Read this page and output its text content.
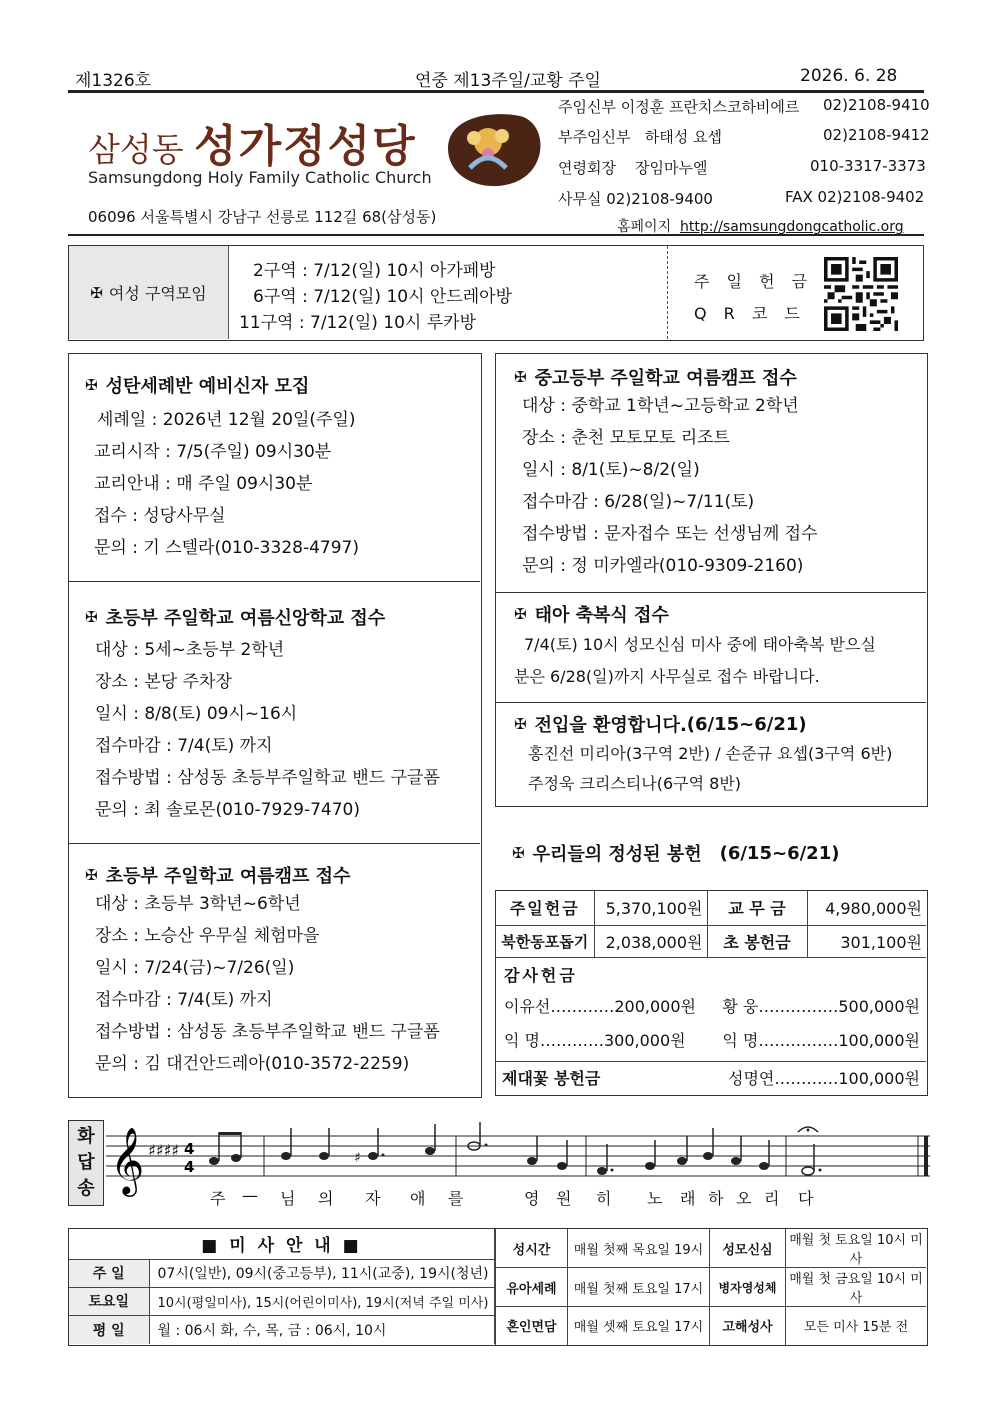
제1326호	연중 제13주일/교황 주일	2026. 6. 28
삼성동 성가정성당
Samsungdong Holy Family Catholic Church
주임신부 이정훈 프란치스코하비에르 02)2108-9410
부주임신부 하태성 요셉	02)2108-9412
연령회장 장임마누엘	010-3317-3373
사무실 02)2108-9400	FAX 02)2108-9402
홈페이지 http://samsungdongcatholic.org
06096 서울특별시 강남구 선릉로 112길 68(삼성동)
✠ 여성 구역모임
2구역 : 7/12(일) 10시 아가페방
6구역 : 7/12(일) 10시 안드레아방
11구역 : 7/12(일) 10시 루카방
주 일 헌 금
Q R 코 드
✠ 성탄세례반 예비신자 모집
세례일 : 2026년 12월 20일(주일)
교리시작 : 7/5(주일) 09시30분
교리안내 : 매 주일 09시30분
접수 : 성당사무실
문의 : 기 스텔라(010-3328-4797)
✠ 초등부 주일학교 여름신앙학교 접수
대상 : 5세~초등부 2학년
장소 : 본당 주차장
일시 : 8/8(토) 09시~16시
접수마감 : 7/4(토) 까지
접수방법 : 삼성동 초등부주일학교 밴드 구글폼
문의 : 최 솔로몬(010-7929-7470)
✠ 초등부 주일학교 여름캠프 접수
대상 : 초등부 3학년~6학년
장소 : 노승산 우무실 체험마을
일시 : 7/24(금)~7/26(일)
접수마감 : 7/4(토) 까지
접수방법 : 삼성동 초등부주일학교 밴드 구글폼
문의 : 김 대건안드레아(010-3572-2259)
✠ 중고등부 주일학교 여름캠프 접수
대상 : 중학교 1학년~고등학교 2학년
장소 : 춘천 모토모토 리조트
일시 : 8/1(토)~8/2(일)
접수마감 : 6/28(일)~7/11(토)
접수방법 : 문자접수 또는 선생님께 접수
문의 : 정 미카엘라(010-9309-2160)
✠ 태아 축복식 접수
7/4(토) 10시 성모신심 미사 중에 태아축복 받으실
분은 6/28(일)까지 사무실로 접수 바랍니다.
✠ 전입을 환영합니다. (6/15~6/21)
홍진선 미리아(3구역 2반) / 손준규 요셉(3구역 6반)
주정욱 크리스티나(6구역 8반)
✠ 우리들의 정성된 봉헌 (6/15~6/21)
주일헌금	5,370,100원	교 무 금	4,980,000원
북한동포돕기	2,038,000원	초 봉헌금	301,100원

감사헌금
이유선…………200,000원 황 웅……………500,000원
익 명…………300,000원 익 명……………100,000원			

제대꽃 봉헌금 성명연…………100,000원			
화
답
송 𝄞 ♯♯♯♯ 4
4	♯
주 — 님 의 자 애 를	영 원 히 노 래 하 오 리 다
■ 미 사 안 내 ■	
주 일	07시(일반), 09시(중고등부), 11시(교중), 19시(청년)
토요일	10시(평일미사), 15시(어린이미사), 19시(저녁 주일 미사)
평 일	월 : 06시 화, 수, 목, 금 : 06시, 10시
성시간	매월 첫째 목요일 19시	성모신심	매월 첫 토요일 10시 미사
유아세례	매월 첫째 토요일 17시	병자영성체	매월 첫 금요일 10시 미사
혼인면담	매월 셋째 토요일 17시	고해성사	모든 미사 15분 전
